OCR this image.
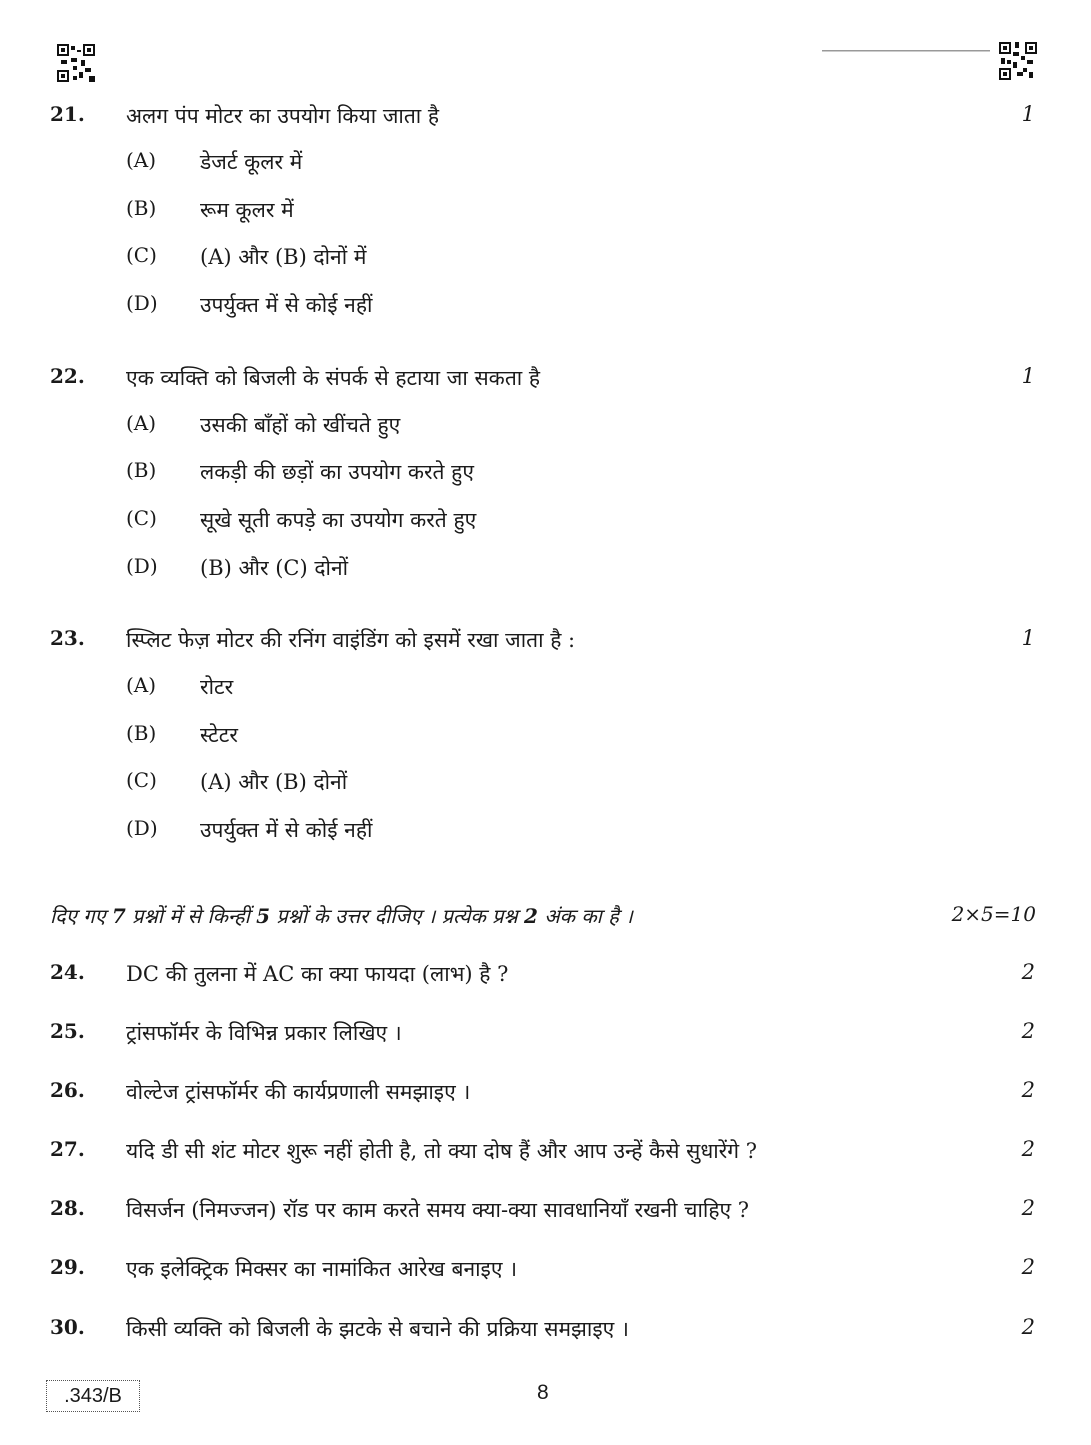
21. अलग पंप मोटर का उपयोग किया जाता है	1
(A) डेजर्ट कूलर में
(B) रूम कूलर में
(C) (A) और (B) दोनों में
(D) उपर्युक्त में से कोई नहीं
22. एक व्यक्ति को बिजली के संपर्क से हटाया जा सकता है	1
(A) उसकी बाँहों को खींचते हुए
(B) लकड़ी की छड़ों का उपयोग करते हुए
(C) सूखे सूती कपड़े का उपयोग करते हुए
(D) (B) और (C) दोनों
23. स्प्लिट फेज़ मोटर की रनिंग वाइंडिंग को इसमें रखा जाता है :	1
(A) रोटर
(B) स्टेटर
(C) (A) और (B) दोनों
(D) उपर्युक्त में से कोई नहीं
दिए गए 7 प्रश्नों में से किन्हीं 5 प्रश्नों के उत्तर दीजिए । प्रत्येक प्रश्न 2 अंक का है ।	2×5=10
24. DC की तुलना में AC का क्या फायदा (लाभ) है ?	2
25. ट्रांसफॉर्मर के विभिन्न प्रकार लिखिए ।	2
26. वोल्टेज ट्रांसफॉर्मर की कार्यप्रणाली समझाइए ।	2
27. यदि डी सी शंट मोटर शुरू नहीं होती है, तो क्या दोष हैं और आप उन्हें कैसे सुधारेंगे ?	2
28. विसर्जन (निमज्जन) रॉड पर काम करते समय क्या-क्या सावधानियाँ रखनी चाहिए ?	2
29. एक इलेक्ट्रिक मिक्सर का नामांकित आरेख बनाइए ।	2
30. किसी व्यक्ति को बिजली के झटके से बचाने की प्रक्रिया समझाइए ।	2
.343/B	8
